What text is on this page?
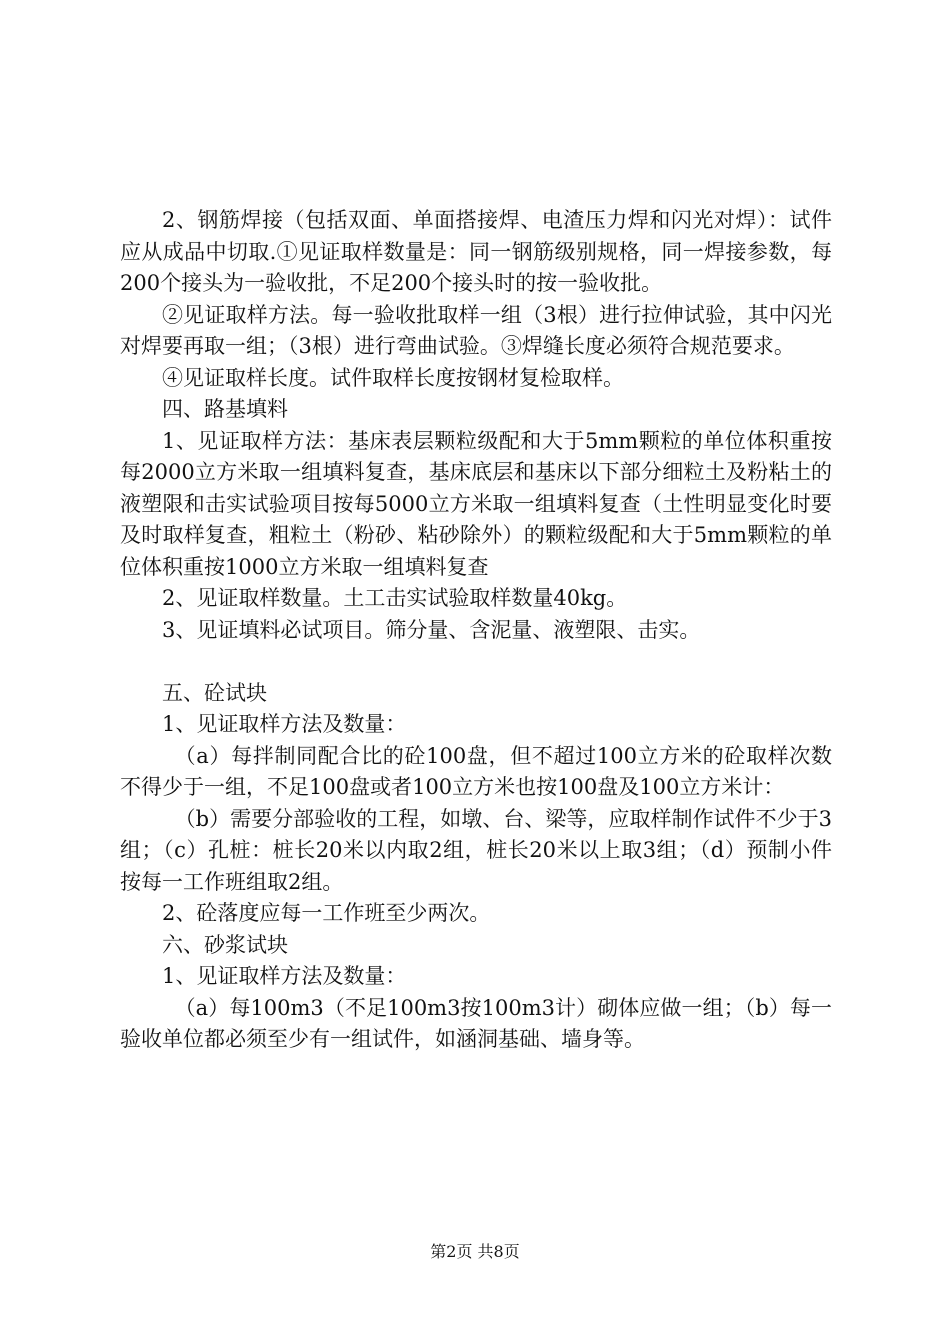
2、钢筋焊接（包括双面、单面搭接焊、电渣压力焊和闪光对焊）：试件应从成品中切取.①见证取样数量是：同一钢筋级别规格，同一焊接参数，每200个接头为一验收批，不足200个接头时的按一验收批。

②见证取样方法。每一验收批取样一组（3根）进行拉伸试验，其中闪光对焊要再取一组；（3根）进行弯曲试验。③焊缝长度必须符合规范要求。

④见证取样长度。试件取样长度按钢材复检取样。

四、路基填料

1、见证取样方法：基床表层颗粒级配和大于5mm颗粒的单位体积重按每2000立方米取一组填料复查，基床底层和基床以下部分细粒土及粉粘土的液塑限和击实试验项目按每5000立方米取一组填料复查（土性明显变化时要及时取样复查，粗粒土（粉砂、粘砂除外）的颗粒级配和大于5mm颗粒的单位体积重按1000立方米取一组填料复查

2、见证取样数量。土工击实试验取样数量40kg。

3、见证填料必试项目。筛分量、含泥量、液塑限、击实。

五、砼试块

1、见证取样方法及数量：

（a）每拌制同配合比的砼100盘，但不超过100立方米的砼取样次数不得少于一组，不足100盘或者100立方米也按100盘及100立方米计：

（b）需要分部验收的工程，如墩、台、梁等，应取样制作试件不少于3组；（c）孔桩：桩长20米以内取2组，桩长20米以上取3组；（d）预制小件按每一工作班组取2组。

2、砼落度应每一工作班至少两次。

六、砂浆试块

1、见证取样方法及数量：

（a）每100m3（不足100m3按100m3计）砌体应做一组；（b）每一验收单位都必须至少有一组试件，如涵洞基础、墙身等。

第2页 共8页
